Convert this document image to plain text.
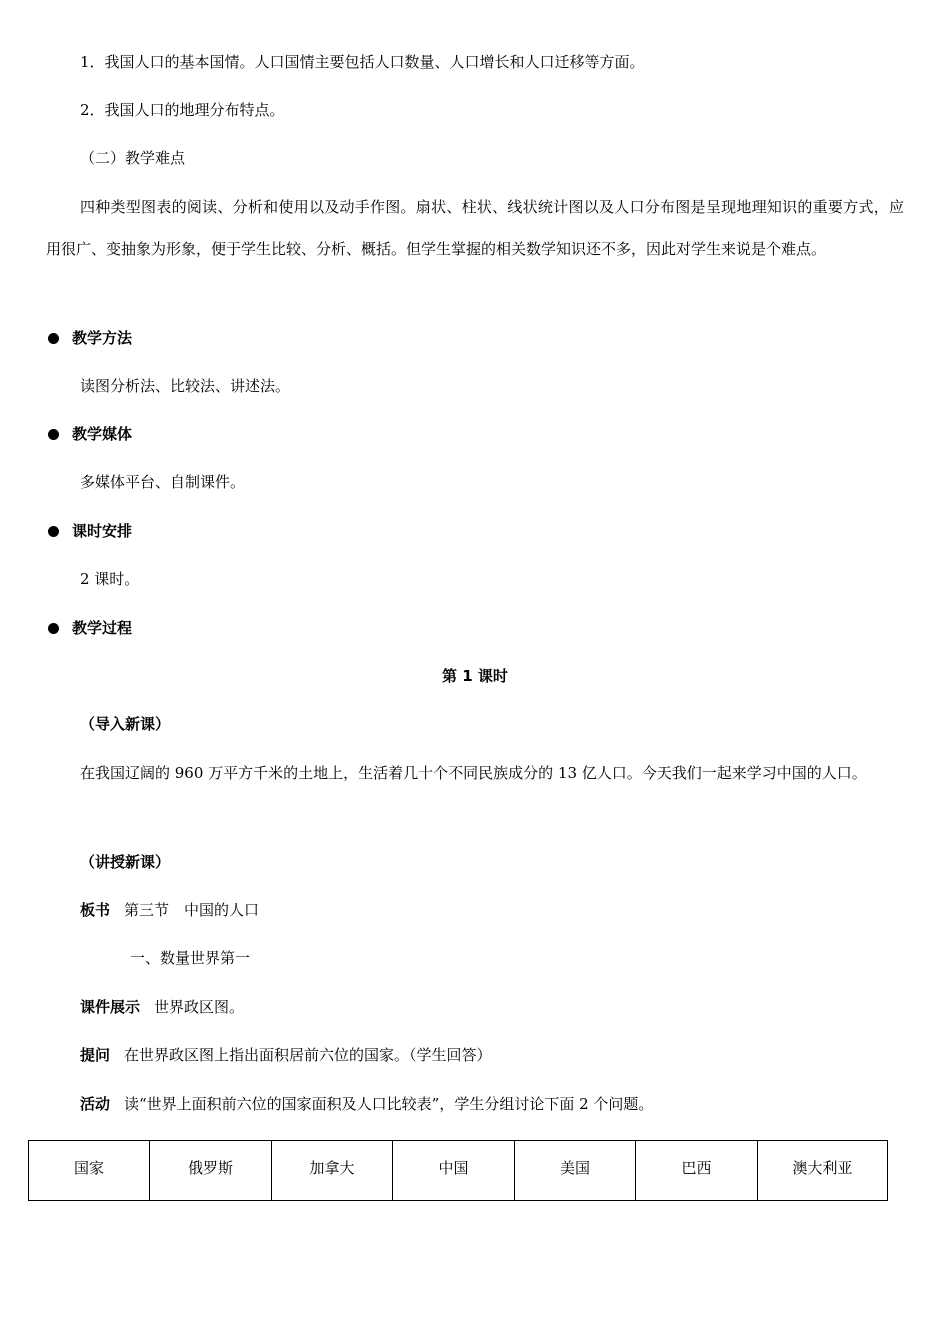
1．我国人口的基本国情。人口国情主要包括人口数量、人口增长和人口迁移等方面。
2．我国人口的地理分布特点。
（二）教学难点
四种类型图表的阅读、分析和使用以及动手作图。扇状、柱状、线状统计图以及人口分布图是呈现地理知识的重要方式，应用很广、变抽象为形象，便于学生比较、分析、概括。但学生掌握的相关数学知识还不多，因此对学生来说是个难点。
教学方法
读图分析法、比较法、讲述法。
教学媒体
多媒体平台、自制课件。
课时安排
2 课时。
教学过程
第 1 课时
（导入新课）
在我国辽阔的 960 万平方千米的土地上，生活着几十个不同民族成分的 13 亿人口。今天我们一起来学习中国的人口。
（讲授新课）
板书 第三节　中国的人口
一、数量世界第一
课件展示 世界政区图。
提问 在世界政区图上指出面积居前六位的国家。（学生回答）
活动 读“世界上面积前六位的国家面积及人口比较表”，学生分组讨论下面 2 个问题。
国家	俄罗斯	加拿大	中国	美国	巴西	澳大利亚
